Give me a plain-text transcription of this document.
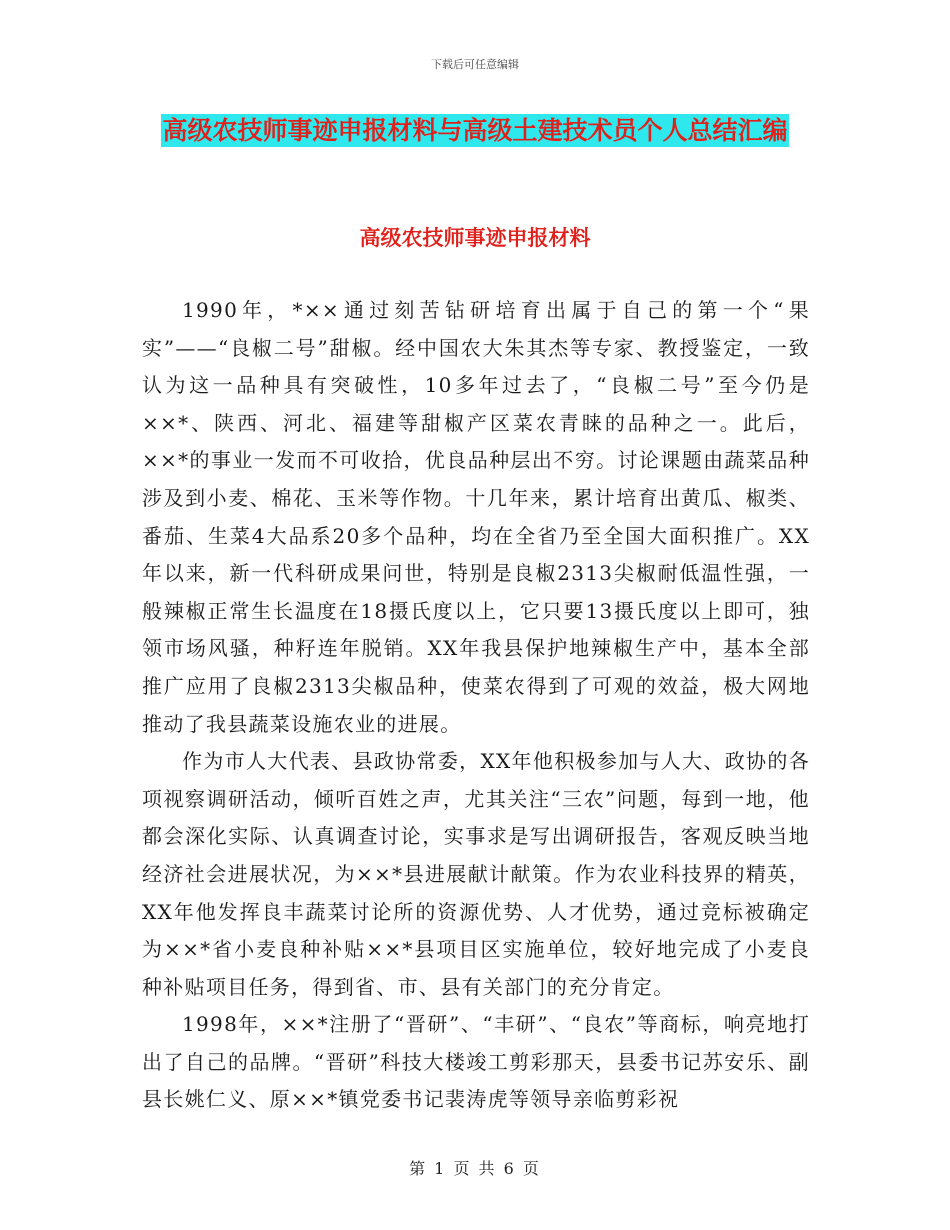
下载后可任意编辑
高级农技师事迹申报材料与高级土建技术员个人总结汇编
高级农技师事迹申报材料

1990年，*××通过刻苦钻研培育出属于自己的第一个“果实”——“良椒二号”甜椒。经中国农大朱其杰等专家、教授鉴定，一致认为这一品种具有突破性，10多年过去了，“良椒二号”至今仍是××*、陕西、河北、福建等甜椒产区菜农青睐的品种之一。此后，××*的事业一发而不可收拾，优良品种层出不穷。讨论课题由蔬菜品种涉及到小麦、棉花、玉米等作物。十几年来，累计培育出黄瓜、椒类、番茄、生菜4大品系20多个品种，均在全省乃至全国大面积推广。XX年以来，新一代科研成果问世，特别是良椒2313尖椒耐低温性强，一般辣椒正常生长温度在18摄氏度以上，它只要13摄氏度以上即可，独领市场风骚，种籽连年脱销。XX年我县保护地辣椒生产中，基本全部推广应用了良椒2313尖椒品种，使菜农得到了可观的效益，极大网地推动了我县蔬菜设施农业的进展。

作为市人大代表、县政协常委，XX年他积极参加与人大、政协的各项视察调研活动，倾听百姓之声，尤其关注“三农”问题，每到一地，他都会深化实际、认真调查讨论，实事求是写出调研报告，客观反映当地经济社会进展状况，为××*县进展献计献策。作为农业科技界的精英，XX年他发挥良丰蔬菜讨论所的资源优势、人才优势，通过竞标被确定为××*省小麦良种补贴××*县项目区实施单位，较好地完成了小麦良种补贴项目任务，得到省、市、县有关部门的充分肯定。

1998年，××*注册了“晋研”、“丰研”、“良农”等商标，响亮地打出了自己的品牌。“晋研”科技大楼竣工剪彩那天，县委书记苏安乐、副县长姚仁义、原××*镇党委书记裴涛虎等领导亲临剪彩祝

第 1 页 共 6 页
